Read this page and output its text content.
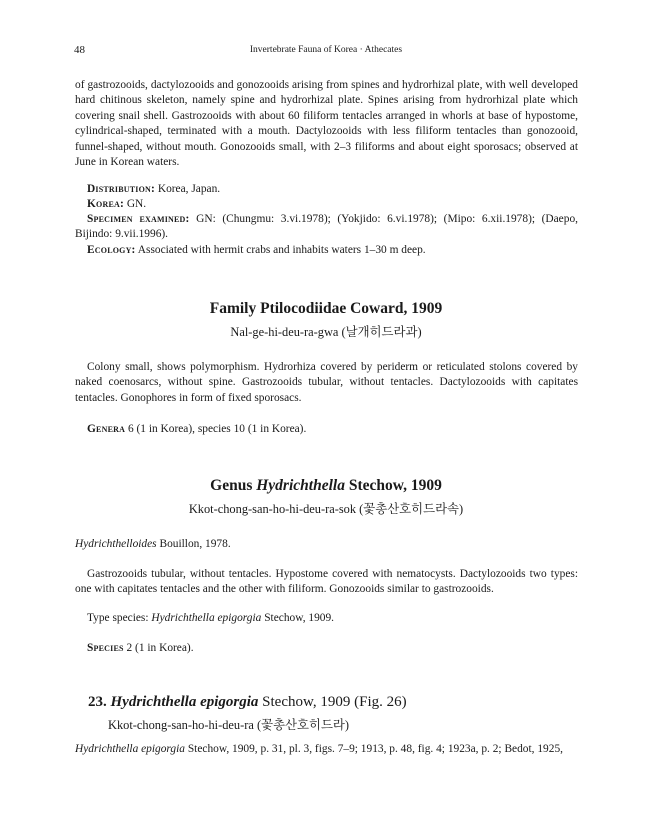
48	Invertebrate Fauna of Korea · Athecates

of gastrozooids, dactylozooids and gonozooids arising from spines and hydrorhizal plate, with well developed hard chitinous skeleton, namely spine and hydrorhizal plate. Spines arising from hydrorhizal plate which covering snail shell. Gastrozooids with about 60 filiform tentacles arranged in whorls at base of hypostome, cylindrical-shaped, terminated with a mouth. Dactylozooids with less filiform tentacles than gonozooid, funnel-shaped, without mouth. Gonozooids small, with 2–3 filiforms and about eight sporosacs; observed at June in Korean waters.

Distribution: Korea, Japan.

Korea: GN.

Specimen examined: GN: (Chungmu: 3.vi.1978); (Yokjido: 6.vi.1978); (Mipo: 6.xii.1978); (Daepo, Bijindo: 9.vii.1996).

Ecology: Associated with hermit crabs and inhabits waters 1–30 m deep.

Family Ptilocodiidae Coward, 1909
Nal-ge-hi-deu-ra-gwa (날개히드라과)

Colony small, shows polymorphism. Hydrorhiza covered by periderm or reticulated stolons covered by naked coenosarcs, without spine. Gastrozooids tubular, without tentacles. Dactylozooids with capitates tentacles. Gonophores in form of fixed sporosacs.

Genera 6 (1 in Korea), species 10 (1 in Korea).

Genus Hydrichthella Stechow, 1909
Kkot-chong-san-ho-hi-deu-ra-sok (꽃총산호히드라속)

Hydrichthelloides Bouillon, 1978.

Gastrozooids tubular, without tentacles. Hypostome covered with nematocysts. Dactylozooids two types: one with capitates tentacles and the other with filiform. Gonozooids similar to gastrozooids.

Type species: Hydrichthella epigorgia Stechow, 1909.

Species 2 (1 in Korea).

23. Hydrichthella epigorgia Stechow, 1909 (Fig. 26)
Kkot-chong-san-ho-hi-deu-ra (꽃총산호히드라)

Hydrichthella epigorgia Stechow, 1909, p. 31, pl. 3, figs. 7–9; 1913, p. 48, fig. 4; 1923a, p. 2; Bedot, 1925,
